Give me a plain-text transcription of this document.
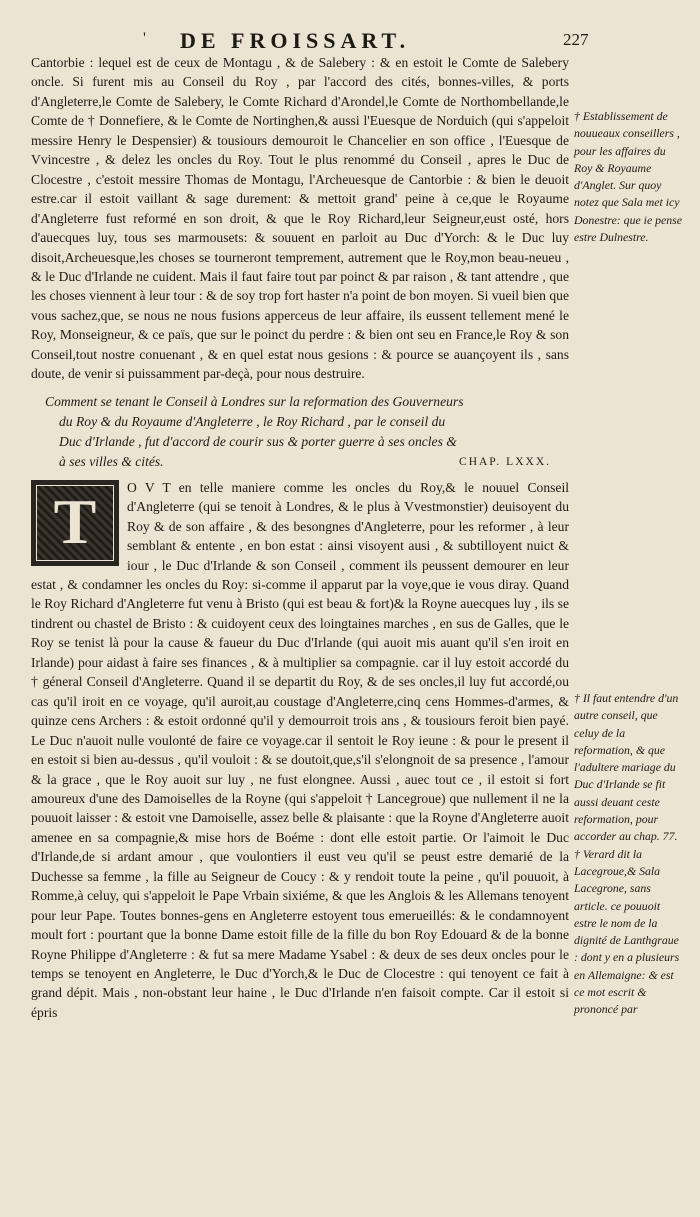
' DE FROISSART.	227

Cantorbie : lequel est de ceux de Montagu , & de Salebery : & en estoit le Comte de Salebery oncle. Si furent mis au Conseil du Roy , par l'accord des cités, bonnes-villes, & ports d'Angleterre,le Comte de Salebery, le Comte Richard d'Arondel,le Comte de Northombellande,le Comte de † Donnefiere, & le Comte de Nortinghen,& aussi l'Euesque de Norduich (qui s'appeloit messire Henry le Despensier) & tousiours demouroit le Chancelier en son office , l'Euesque de Vvincestre , & delez les oncles du Roy. Tout le plus renommé du Conseil , apres le Duc de Clocestre , c'estoit messire Thomas de Montagu, l'Archeuesque de Cantorbie : & bien le deuoit estre.car il estoit vaillant & sage durement: & mettoit grand' peine à ce,que le Royaume d'Angleterre fust reformé en son droit, & que le Roy Richard,leur Seigneur,eust osté, hors d'auecques luy, tous ses marmousets: & souuent en parloit au Duc d'Yorch: & le Duc luy disoit,Archeuesque,les choses se tourneront temprement, autrement que le Roy,mon beau-neueu , & le Duc d'Irlande ne cuident. Mais il faut faire tout par poinct & par raison , & tant attendre , que les choses viennent à leur tour : & de soy trop fort haster n'a point de bon moyen. Si vueil bien que vous sachez,que, se nous ne nous fusions apperceus de leur affaire, ils eussent tellement mené le Roy, Monseigneur, & ce païs, que sur le poinct du perdre : & bien ont seu en France,le Roy & son Conseil,tout nostre conuenant , & en quel estat nous gesions : & pource se auançoyent ils , sans doute, de venir si puissamment par-deçà, pour nous destruire.

Comment se tenant le Conseil à Londres sur la reformation des Gouverneurs
du Roy & du Royaume d'Angleterre , le Roy Richard , par le conseil du
Duc d'Irlande , fut d'accord de courir sus & porter guerre à ses oncles &
à ses villes & cités.	CHAP. LXXX.

T	O V T en telle maniere comme les oncles du Roy,& le nouuel Conseil d'Angleterre (qui se tenoit à Londres, & le plus à Vvestmonstier) deuisoyent du Roy & de son affaire , & des besongnes d'Angleterre, pour les reformer , à leur semblant & entente , en bon estat : ainsi visoyent ausi , & subtilloyent nuict & iour , le Duc d'Irlande & son Conseil , comment ils peussent demourer en leur estat , & condamner les oncles du Roy: si-comme il apparut par la voye,que ie vous diray. Quand le Roy Richard d'Angleterre fut venu à Bristo (qui est beau & fort)& la Royne auecques luy , ils se tindrent ou chastel de Bristo : & cuidoyent ceux des loingtaines marches , en sus de Galles, que le Roy se tenist là pour la cause & faueur du Duc d'Irlande (qui auoit mis auant qu'il s'en iroit en Irlande) pour aidast à faire ses finances , & à multiplier sa compagnie. car il luy estoit accordé du † géneral Conseil d'Angleterre. Quand il se departit du Roy, & de ses oncles,il luy fut accordé,ou cas qu'il iroit en ce voyage, qu'il auroit,au coustage d'Angleterre,cinq cens Hommes-d'armes, & quinze cens Archers : & estoit ordonné qu'il y demourroit trois ans , & tousiours feroit bien payé. Le Duc n'auoit nulle voulonté de faire ce voyage.car il sentoit le Roy ieune : & pour le present il en estoit si bien au-dessus , qu'il vouloit : & se doutoit,que,s'il s'elongnoit de sa presence , l'amour & la grace , que le Roy auoit sur luy , ne fust elongnee. Aussi , auec tout ce , il estoit si fort amoureux d'une des Damoiselles de la Royne (qui s'appeloit † Lancegroue) que nullement il ne la pouuoit laisser : & estoit vne Damoiselle, assez belle & plaisante : que la Royne d'Angleterre auoit amenee en sa compagnie,& mise hors de Boéme : dont elle estoit partie. Or l'aimoit le Duc d'Irlande,de si ardant amour , que voulontiers il eust veu qu'il se peust estre demarié de la Duchesse sa femme , la fille au Seigneur de Coucy : & y rendoit toute la peine , qu'il pouuoit, à Romme,à celuy, qui s'appeloit le Pape Vrbain sixiéme, & que les Anglois & les Allemans tenoyent pour leur Pape. Toutes bonnes-gens en Angleterre estoyent tous emerueillés: & le condamnoyent moult fort : pourtant que la bonne Dame estoit fille de la fille du bon Roy Edouard & de la bonne Royne Philippe d'Angleterre : & fut sa mere Madame Ysabel : & deux de ses deux oncles pour le temps se tenoyent en Angleterre, le Duc d'Yorch,& le Duc de Clocestre : qui tenoyent ce fait à grand dépit. Mais , non-obstant leur haine , le Duc d'Irlande n'en faisoit compte. Car il estoit si épris

† Establissement de nouueaux conseillers , pour les affaires du Roy & Royaume d'Anglet. Sur quoy notez que Sala met icy Donestre: que ie pense estre Dulnestre.
† Il faut entendre d'un autre conseil, que celuy de la reformation, & que l'adultere mariage du Duc d'Irlande se fit aussi deuant ceste reformation, pour accorder au chap. 77. † Verard dit la Lacegroue,& Sala Lacegrone, sans article. ce pouuoit estre le nom de la dignité de Lanthgraue : dont y en a plusieurs en Allemaigne: & est ce mot escrit & prononcé par
